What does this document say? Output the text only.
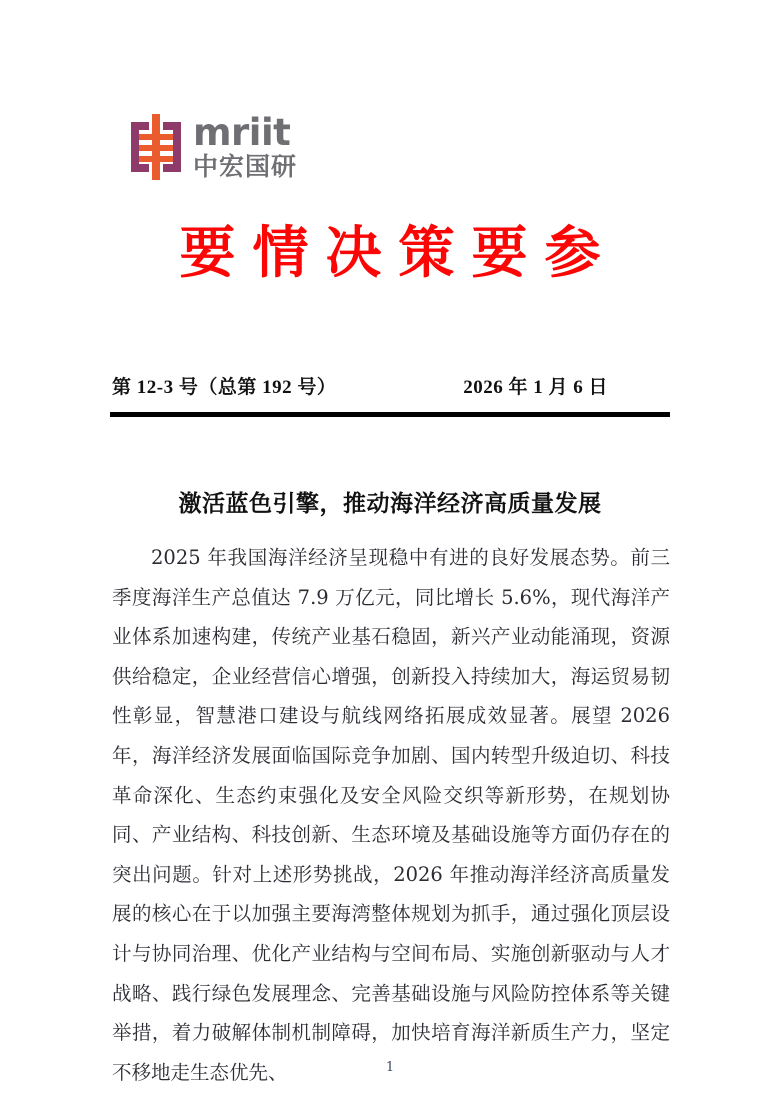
mriit
中宏国研
要情决策要参
第 12-3 号（总第 192 号）	2026 年 1 月 6 日
激活蓝色引擎，推动海洋经济高质量发展

2025 年我国海洋经济呈现稳中有进的良好发展态势。前三季度海洋生产总值达 7.9 万亿元，同比增长 5.6%，现代海洋产业体系加速构建，传统产业基石稳固，新兴产业动能涌现，资源供给稳定，企业经营信心增强，创新投入持续加大，海运贸易韧性彰显，智慧港口建设与航线网络拓展成效显著。展望 2026 年，海洋经济发展面临国际竞争加剧、国内转型升级迫切、科技革命深化、生态约束强化及安全风险交织等新形势，在规划协同、产业结构、科技创新、生态环境及基础设施等方面仍存在的突出问题。针对上述形势挑战，2026 年推动海洋经济高质量发展的核心在于以加强主要海湾整体规划为抓手，通过强化顶层设计与协同治理、优化产业结构与空间布局、实施创新驱动与人才战略、践行绿色发展理念、完善基础设施与风险防控体系等关键举措，着力破解体制机制障碍，加快培育海洋新质生产力，坚定不移地走生态优先、	1
